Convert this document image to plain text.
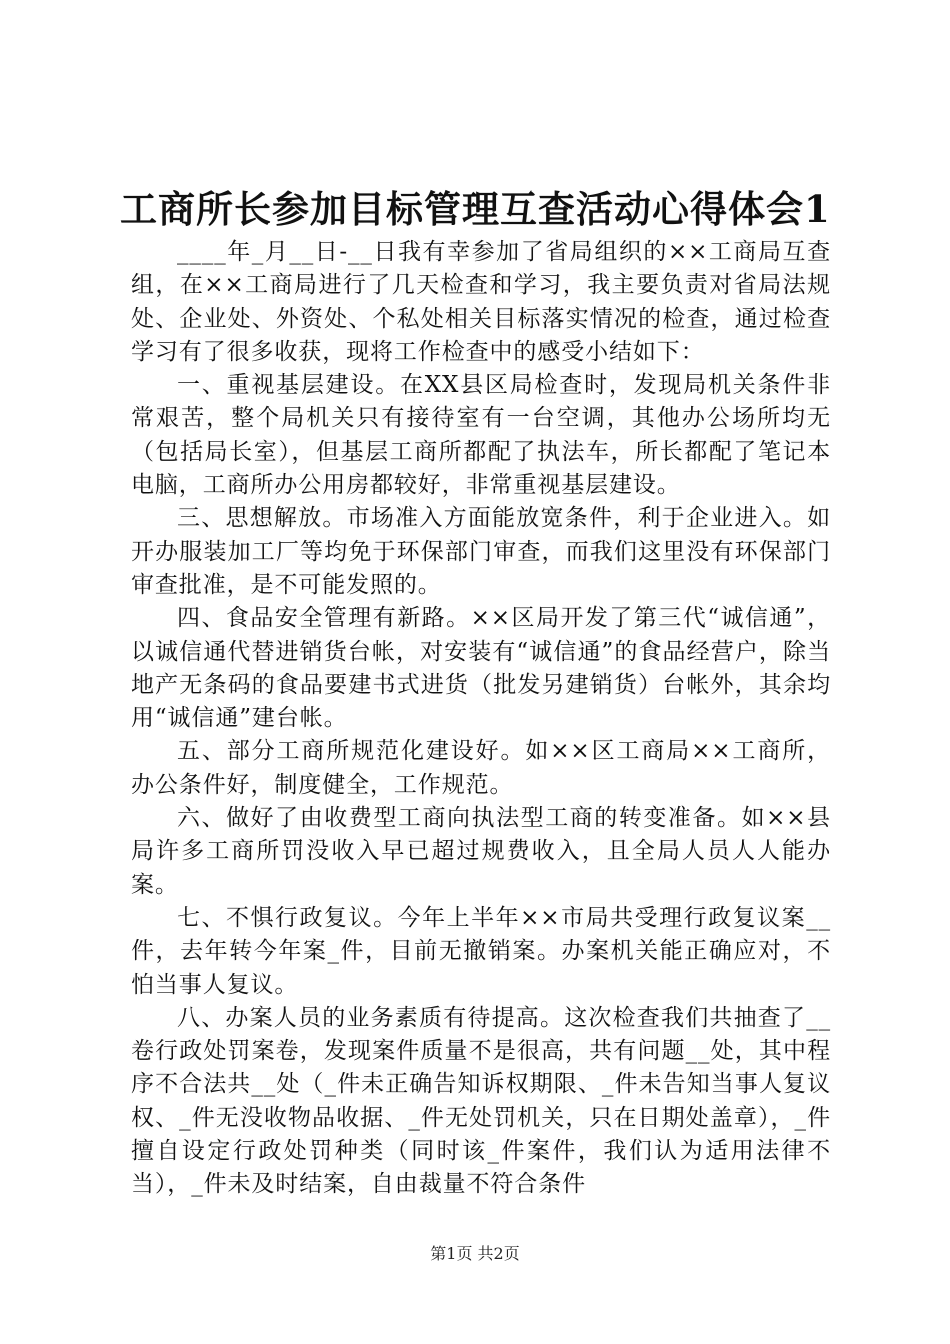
工商所长参加目标管理互查活动心得体会1

____年_月__日-__日我有幸参加了省局组织的××工商局互查组，在××工商局进行了几天检查和学习，我主要负责对省局法规处、企业处、外资处、个私处相关目标落实情况的检查，通过检查学习有了很多收获，现将工作检查中的感受小结如下：

一、重视基层建设。在XX县区局检查时，发现局机关条件非常艰苦，整个局机关只有接待室有一台空调，其他办公场所均无（包括局长室），但基层工商所都配了执法车，所长都配了笔记本电脑，工商所办公用房都较好，非常重视基层建设。

三、思想解放。市场准入方面能放宽条件，利于企业进入。如开办服装加工厂等均免于环保部门审查，而我们这里没有环保部门审查批准，是不可能发照的。

四、食品安全管理有新路。××区局开发了第三代“诚信通”，以诚信通代替进销货台帐，对安装有“诚信通”的食品经营户，除当地产无条码的食品要建书式进货（批发另建销货）台帐外，其余均用“诚信通”建台帐。

五、部分工商所规范化建设好。如××区工商局××工商所，办公条件好，制度健全，工作规范。

六、做好了由收费型工商向执法型工商的转变准备。如××县局许多工商所罚没收入早已超过规费收入，且全局人员人人能办案。

七、不惧行政复议。今年上半年××市局共受理行政复议案__件，去年转今年案_件，目前无撤销案。办案机关能正确应对，不怕当事人复议。

八、办案人员的业务素质有待提高。这次检查我们共抽查了__卷行政处罚案卷，发现案件质量不是很高，共有问题__处，其中程序不合法共__处（_件未正确告知诉权期限、_件未告知当事人复议权、_件无没收物品收据、_件无处罚机关，只在日期处盖章），_件擅自设定行政处罚种类（同时该_件案件，我们认为适用法律不当），_件未及时结案，自由裁量不符合条件

第1页 共2页
